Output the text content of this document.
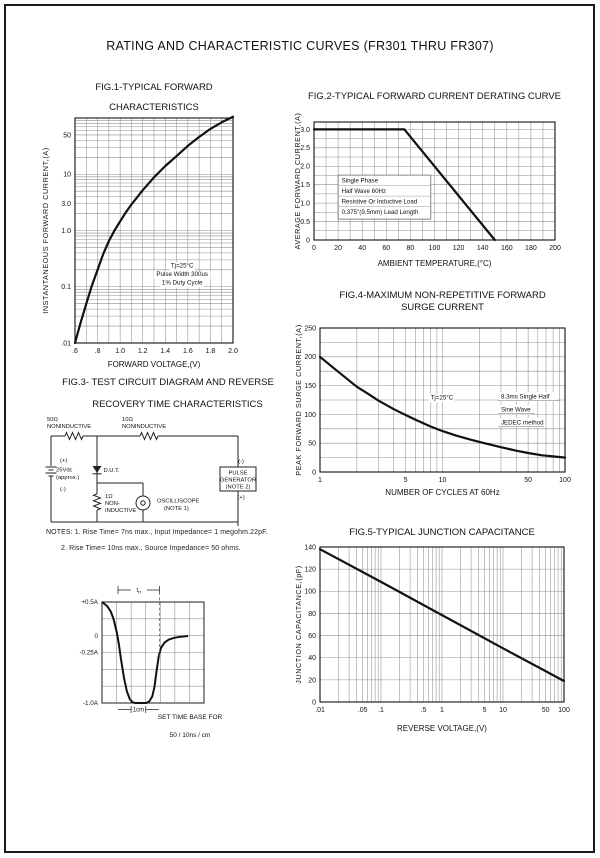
RATING AND CHARACTERISTIC CURVES (FR301 THRU FR307)
Tj=25°C
Pulse Width 300us
1% Duty Cycle
.6 .8 1.0 1.2 1.4 1.6 1.8 2.0
50
10
3.0
1.0
0.1
.01
FIG.1-TYPICAL FORWARD
CHARACTERISTICS
FORWARD VOLTAGE,(V)
INSTANTANEOUS FORWARD CURRENT,(A)	Single Phase
Half Wave 60Hz
Resistive Or Inductive Load
0.375"(9.5mm) Lead Length
0	20 40 60 80 100 120 140 160 180 200
0
0.5
1.0
1.5
2.0
2.5
3.0
FIG.2-TYPICAL FORWARD CURRENT DERATING CURVE
AMBIENT TEMPERATURE,(°C)
AVERAGE FORWARD CURRENT,(A)
Tj=25°C	8.3ms Single Half
Sine Wave
JEDEC method
1	5	10	50	100
0
50
100
150
200
250
FIG.4-MAXIMUM NON-REPETITIVE FORWARD
SURGE CURRENT
NUMBER OF CYCLES AT 60Hz
PEAK FORWARD SURGE CURRENT,(A)
.01	.05 .1	.5 1	5 10	50 100
0
20
40
60
80
100
120
140
FIG.5-TYPICAL JUNCTION CAPACITANCE
REVERSE VOLTAGE,(V)
JUNCTION CAPACITANCE,(pF)
+0.5A
0
-0.25A
-1.0A
$t_{rr}$
1cm
SET TIME BASE FOR
50 / 10ns / cm
FIG.3- TEST CIRCUIT DIAGRAM AND REVERSE
RECOVERY TIME CHARACTERISTICS
50Ω
NONINDUCTIVE
10Ω
NONINDUCTIVE
(+)
25Vdc
(approx.)
(-)
D.U.T.
1Ω
NON-
INDUCTIVE
OSCILLISCOPE
(NOTE 1)
PULSE
GENERATOR
(NOTE 2)
(-)
(+)
NOTES: 1. Rise Time= 7ns max., Input Impedance= 1 megohm.22pF.
2. Rise Time= 10ns max., Source Impedance= 50 ohms.
